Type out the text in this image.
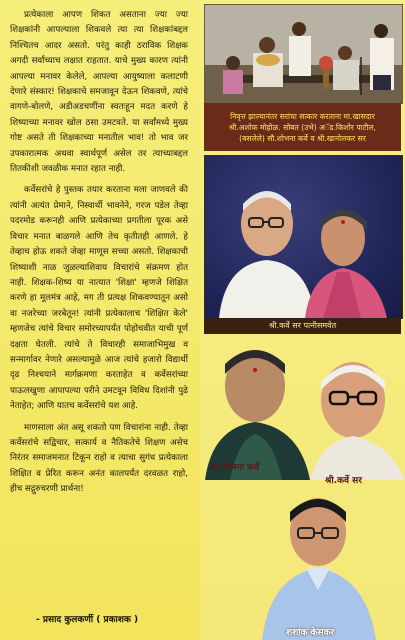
प्रत्येकाला आपण शिकत असताना ज्या ज्या शिक्षकांनी आपल्याला शिकवले त्या त्या शिक्षकांबद्दल निश्चितच आदर असतो. परंतु काही ठराविक शिक्षक अगदी सर्वांच्याच लक्षात राहतात. याचे मुख्य कारण त्यांनी आपल्या मनावर केलेले, आपल्या आयुष्याला कलाटणी देणारे संस्कार! शिक्षकाचे समजावून देऊन शिकवणे, त्यांचे वागणे-बोलणे, अडीअडचणींना स्वतःहून मदत करणे हे शिष्याच्या मनावर खोल ठसा उमटवते. या सर्वांमध्ये मुख्य गोष्ट असते ती शिक्षकाच्या मनातील भाव! तो भाव जर उपकारात्मक अथवा स्वार्थपूर्ण असेल तर त्याच्याबद्दल तितकीशी जवळीक मनात रहात नाही.

कर्वेसरांचे हे पुस्तक तयार करताना मला जाणवले की त्यांनी अत्यंत प्रेमाने, निस्वार्थी भावनेने, गरज पडेल तेव्हा पदरमोड करूनही आणि प्रत्येकाच्या प्रगतीला पूरक असे विचार मनात बाळगले आणि तेच कृतीतही आणले. हे तेव्हाच होऊ शकते जेव्हा माणूस सच्चा असतो. शिक्षकाची शिष्याशी नाळ जुळल्याशिवाय विचारांचे संक्रमण होत नाही. शिक्षक-शिष्य या नात्यात 'शिक्षा' म्हणजे शिक्षित करणे हा मूलमंत्र आहे, मग ती प्रत्यक्ष शिकवण्यातून असो वा नजरेच्या जरबेतून! त्यांनी प्रत्येकालाच 'शिक्षित केले' म्हणजेच त्यांचे विचार समोरच्यापर्यंत पोहोचवीत याची पूर्ण दक्षता घेतली. त्यांचे ते विचारही समाजाभिमुख व सन्मार्गावर नेणारे असल्यामुळे आज त्यांचे हजारो विद्यार्थी दृढ निश्चयाने मार्गक्रमणा करताहेत व कर्वेसरांच्या पाऊलखुणा आपापल्या परीने उमटवून विविध दिशांनी पुढे नेताहेत; आणि यातच कर्वेसरांचे यश आहे.

माणसाला अंत असू शकतो पण विचारांना नाही. तेव्हा कर्वेसरांचे सद्विचार, सत्कार्य व नैतिकतेचे शिक्षण असेच निरंतर समाजमनात टिकून राहो व त्याचा सुगंध प्रत्येकाला शिक्षित व प्रेरित करून अनंत कालपर्यंत दरवळत राहो, हीच सद्गुरुचरणी प्रार्थना!

- प्रसाद कुलकर्णी ( प्रकाशक )
निवृत्त झाल्यानंतर सरांचा सत्कार करताना मा.खासदार
श्री.अशोक मोहोळ. सोबत (उभे) अॅड.किशोर पाटील,
(बसलेले) सौ.शोभना कर्वे व श्री.खानोलकर सर
श्री.कर्वे सर पत्नीसमवेत
सौ.शोभना कर्वे
श्री.कर्वे सर
शशांक केसकर
